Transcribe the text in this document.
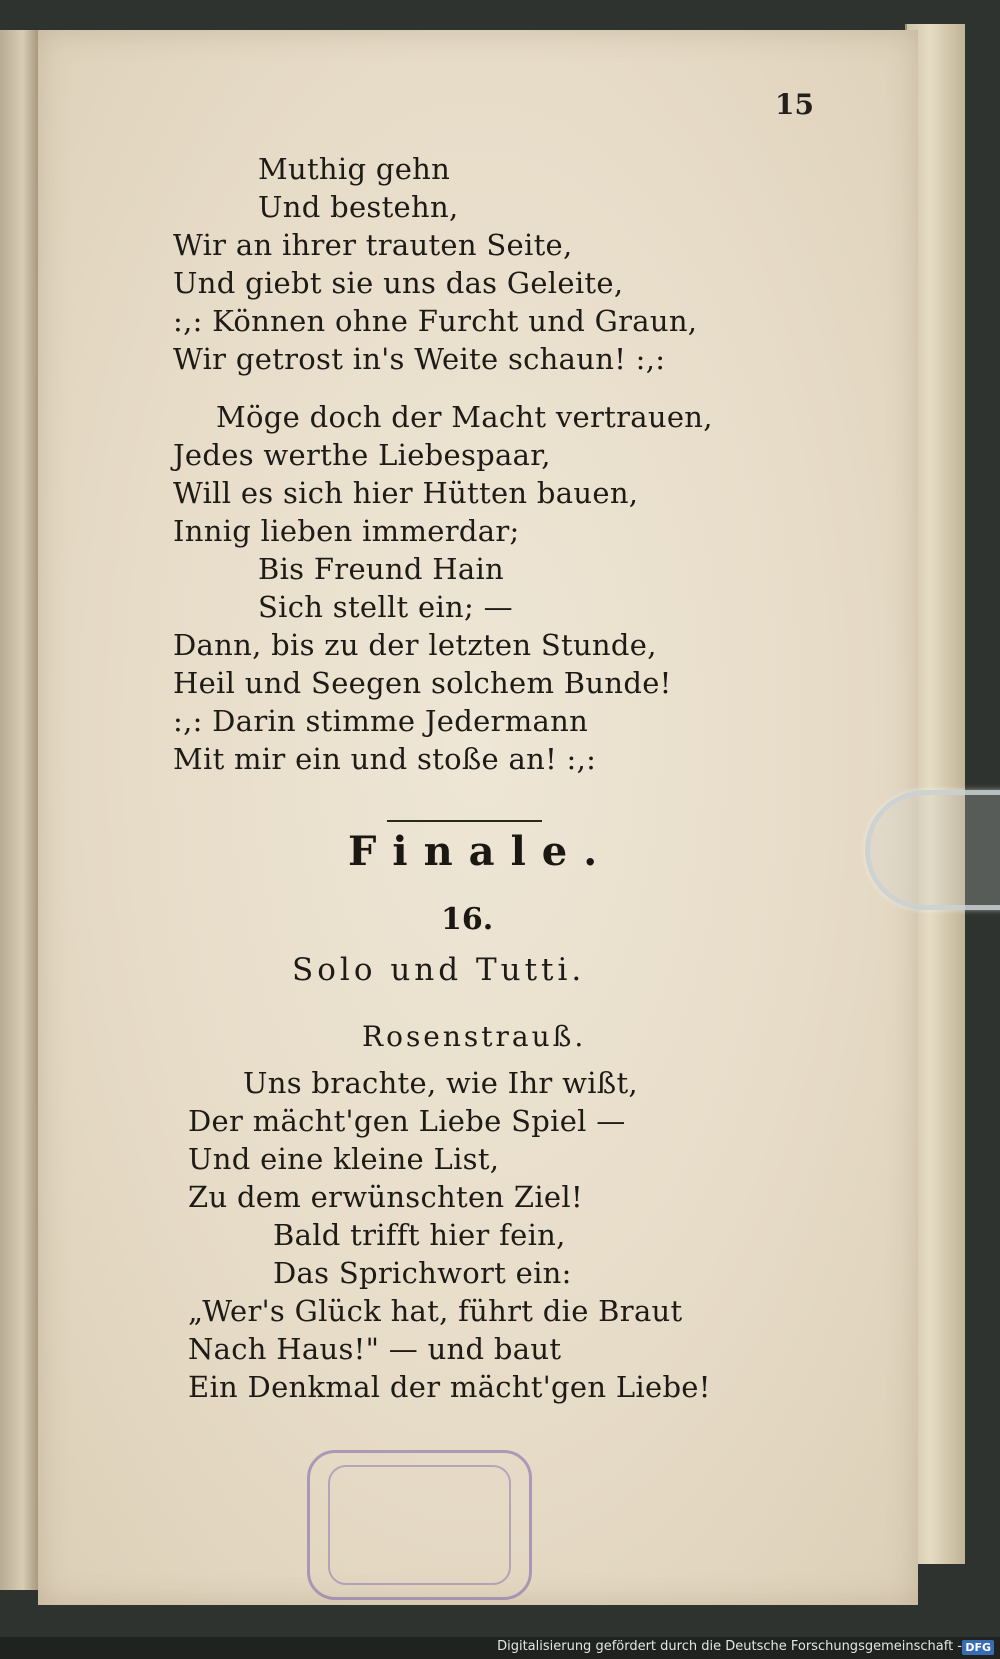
15
Muthig gehn
Und bestehn,
Wir an ihrer trauten Seite,
Und giebt sie uns das Geleite,
:,: Können ohne Furcht und Graun,
Wir getrost in's Weite schaun! :,:
Möge doch der Macht vertrauen,
Jedes werthe Liebespaar,
Will es sich hier Hütten bauen,
Innig lieben immerdar;
Bis Freund Hain
Sich stellt ein; —
Dann, bis zu der letzten Stunde,
Heil und Seegen solchem Bunde!
:,: Darin stimme Jedermann
Mit mir ein und stoße an! :,:
Finale.
16.
Solo und Tutti.
Rosenstrauß.
Uns brachte, wie Ihr wißt,
Der mächt'gen Liebe Spiel —
Und eine kleine List,
Zu dem erwünschten Ziel!
Bald trifft hier fein,
Das Sprichwort ein:
„Wer's Glück hat, führt die Braut
Nach Haus!" — und baut
Ein Denkmal der mächt'gen Liebe!
Digitalisierung gefördert durch die Deutsche Forschungsgemeinschaft - DFG
